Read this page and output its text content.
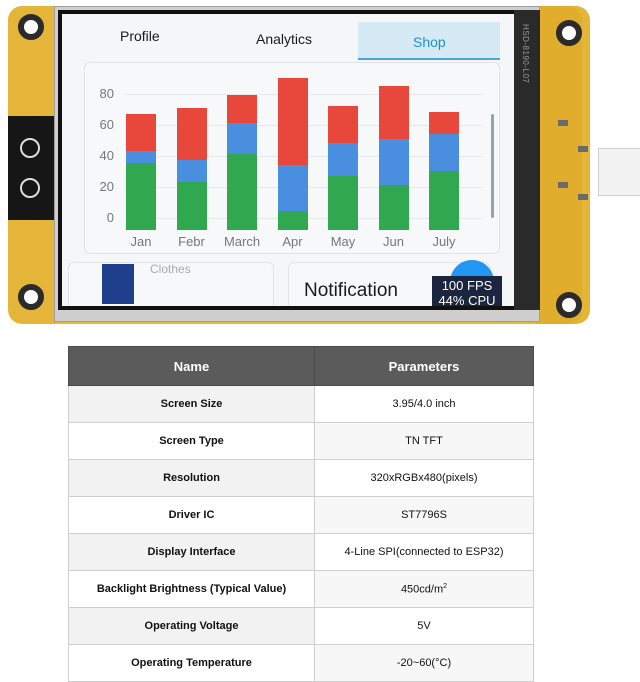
HSD-8190-L07
Profile	Analytics	Shop
80
60
40
20
0
Jan	Febr	March	Apr	May	Jun	July
Clothes
Notification	100 FPS
44% CPU
Name	Parameters
Screen Size	3.95/4.0 inch
Screen Type	TN TFT
Resolution	320xRGBx480(pixels)
Driver IC	ST7796S
Display Interface	4-Line SPI(connected to ESP32)
Backlight Brightness (Typical Value)	$450cd/m^2$
Operating Voltage	5V
Operating Temperature	-20~60(°C)
